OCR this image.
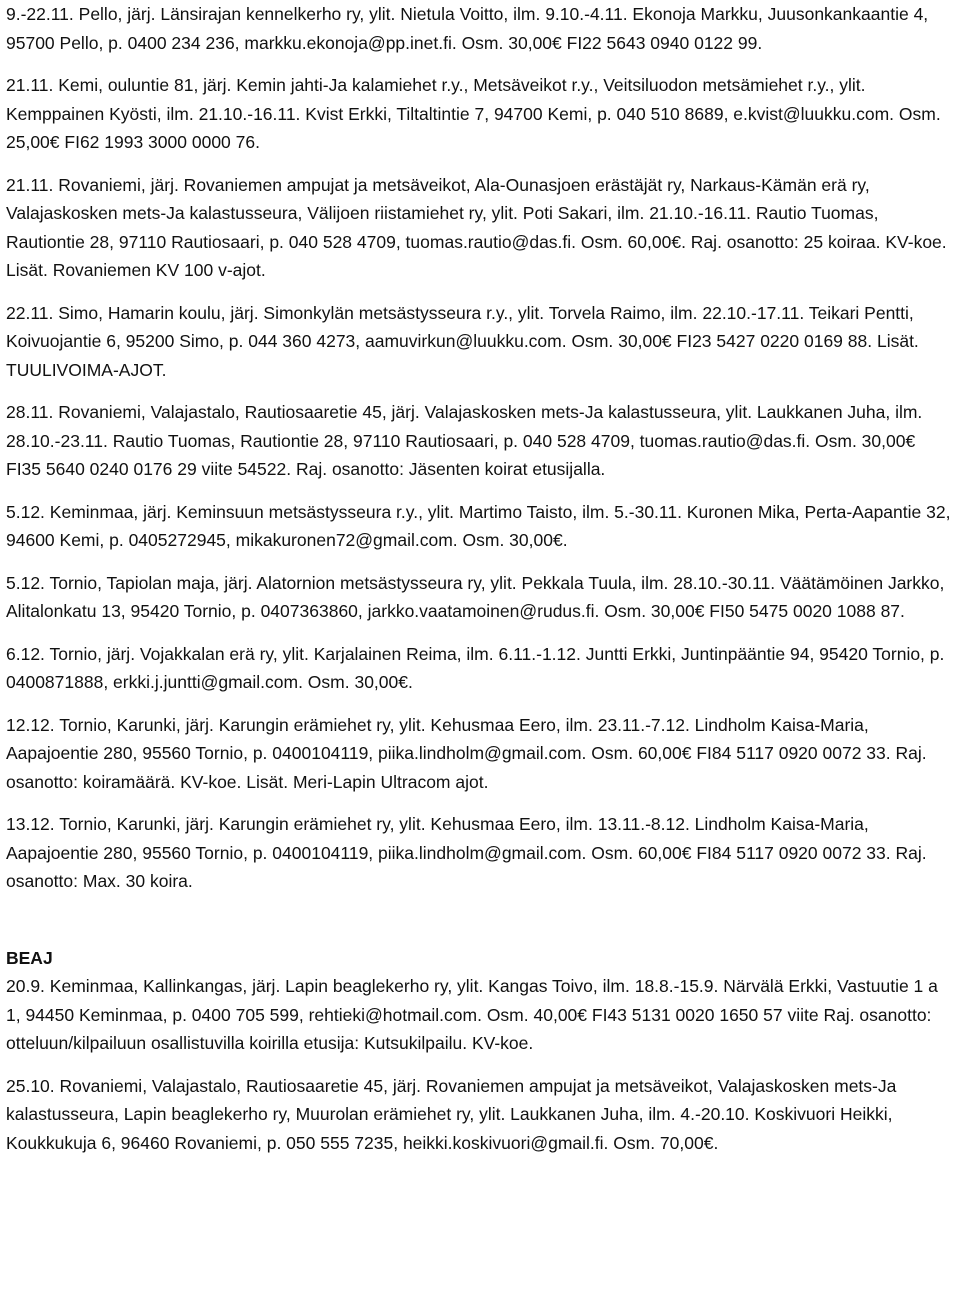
9.-22.11. Pello, järj. Länsirajan kennelkerho ry, ylit. Nietula Voitto, ilm. 9.10.-4.11. Ekonoja Markku, Juusonkankaantie 4, 95700 Pello, p. 0400 234 236, markku.ekonoja@pp.inet.fi. Osm. 30,00€ FI22 5643 0940 0122 99.

21.11. Kemi, ouluntie 81, järj. Kemin jahti-Ja kalamiehet r.y., Metsäveikot r.y., Veitsiluodon metsämiehet r.y., ylit. Kemppainen Kyösti, ilm. 21.10.-16.11. Kvist Erkki, Tiltaltintie 7, 94700 Kemi, p. 040 510 8689, e.kvist@luukku.com. Osm. 25,00€ FI62 1993 3000 0000 76.

21.11. Rovaniemi, järj. Rovaniemen ampujat ja metsäveikot, Ala-Ounasjoen erästäjät ry, Narkaus-Kämän erä ry, Valajaskosken mets-Ja kalastusseura, Välijoen riistamiehet ry, ylit. Poti Sakari, ilm. 21.10.-16.11. Rautio Tuomas, Rautiontie 28, 97110 Rautiosaari, p. 040 528 4709, tuomas.rautio@das.fi. Osm. 60,00€. Raj. osanotto: 25 koiraa. KV-koe. Lisät. Rovaniemen KV 100 v-ajot.

22.11. Simo, Hamarin koulu, järj. Simonkylän metsästysseura r.y., ylit. Torvela Raimo, ilm. 22.10.-17.11. Teikari Pentti, Koivuojantie 6, 95200 Simo, p. 044 360 4273, aamuvirkun@luukku.com. Osm. 30,00€ FI23 5427 0220 0169 88. Lisät. TUULIVOIMA-AJOT.

28.11. Rovaniemi, Valajastalo, Rautiosaaretie 45, järj. Valajaskosken mets-Ja kalastusseura, ylit. Laukkanen Juha, ilm. 28.10.-23.11. Rautio Tuomas, Rautiontie 28, 97110 Rautiosaari, p. 040 528 4709, tuomas.rautio@das.fi. Osm. 30,00€ FI35 5640 0240 0176 29 viite 54522. Raj. osanotto: Jäsenten koirat etusijalla.

5.12. Keminmaa, järj. Keminsuun metsästysseura r.y., ylit. Martimo Taisto, ilm. 5.-30.11. Kuronen Mika, Perta-Aapantie 32, 94600 Kemi, p. 0405272945, mikakuronen72@gmail.com. Osm. 30,00€.

5.12. Tornio, Tapiolan maja, järj. Alatornion metsästysseura ry, ylit. Pekkala Tuula, ilm. 28.10.-30.11. Väätämöinen Jarkko, Alitalonkatu 13, 95420 Tornio, p. 0407363860, jarkko.vaatamoinen@rudus.fi. Osm. 30,00€ FI50 5475 0020 1088 87.

6.12. Tornio, järj. Vojakkalan erä ry, ylit. Karjalainen Reima, ilm. 6.11.-1.12. Juntti Erkki, Juntinpääntie 94, 95420 Tornio, p. 0400871888, erkki.j.juntti@gmail.com. Osm. 30,00€.

12.12. Tornio, Karunki, järj. Karungin erämiehet ry, ylit. Kehusmaa Eero, ilm. 23.11.-7.12. Lindholm Kaisa-Maria, Aapajoentie 280, 95560 Tornio, p. 0400104119, piika.lindholm@gmail.com. Osm. 60,00€ FI84 5117 0920 0072 33. Raj. osanotto: koiramäärä. KV-koe. Lisät. Meri-Lapin Ultracom ajot.

13.12. Tornio, Karunki, järj. Karungin erämiehet ry, ylit. Kehusmaa Eero, ilm. 13.11.-8.12. Lindholm Kaisa-Maria, Aapajoentie 280, 95560 Tornio, p. 0400104119, piika.lindholm@gmail.com. Osm. 60,00€ FI84 5117 0920 0072 33. Raj. osanotto: Max. 30 koira.

BEAJ

20.9. Keminmaa, Kallinkangas, järj. Lapin beaglekerho ry, ylit. Kangas Toivo, ilm. 18.8.-15.9. Närvälä Erkki, Vastuutie 1 a 1, 94450 Keminmaa, p. 0400 705 599, rehtieki@hotmail.com. Osm. 40,00€ FI43 5131 0020 1650 57 viite Raj. osanotto: otteluun/kilpailuun osallistuvilla koirilla etusija: Kutsukilpailu. KV-koe.

25.10. Rovaniemi, Valajastalo, Rautiosaaretie 45, järj. Rovaniemen ampujat ja metsäveikot, Valajaskosken mets-Ja kalastusseura, Lapin beaglekerho ry, Muurolan erämiehet ry, ylit. Laukkanen Juha, ilm. 4.-20.10. Koskivuori Heikki, Koukkukuja 6, 96460 Rovaniemi, p. 050 555 7235, heikki.koskivuori@gmail.fi. Osm. 70,00€.
